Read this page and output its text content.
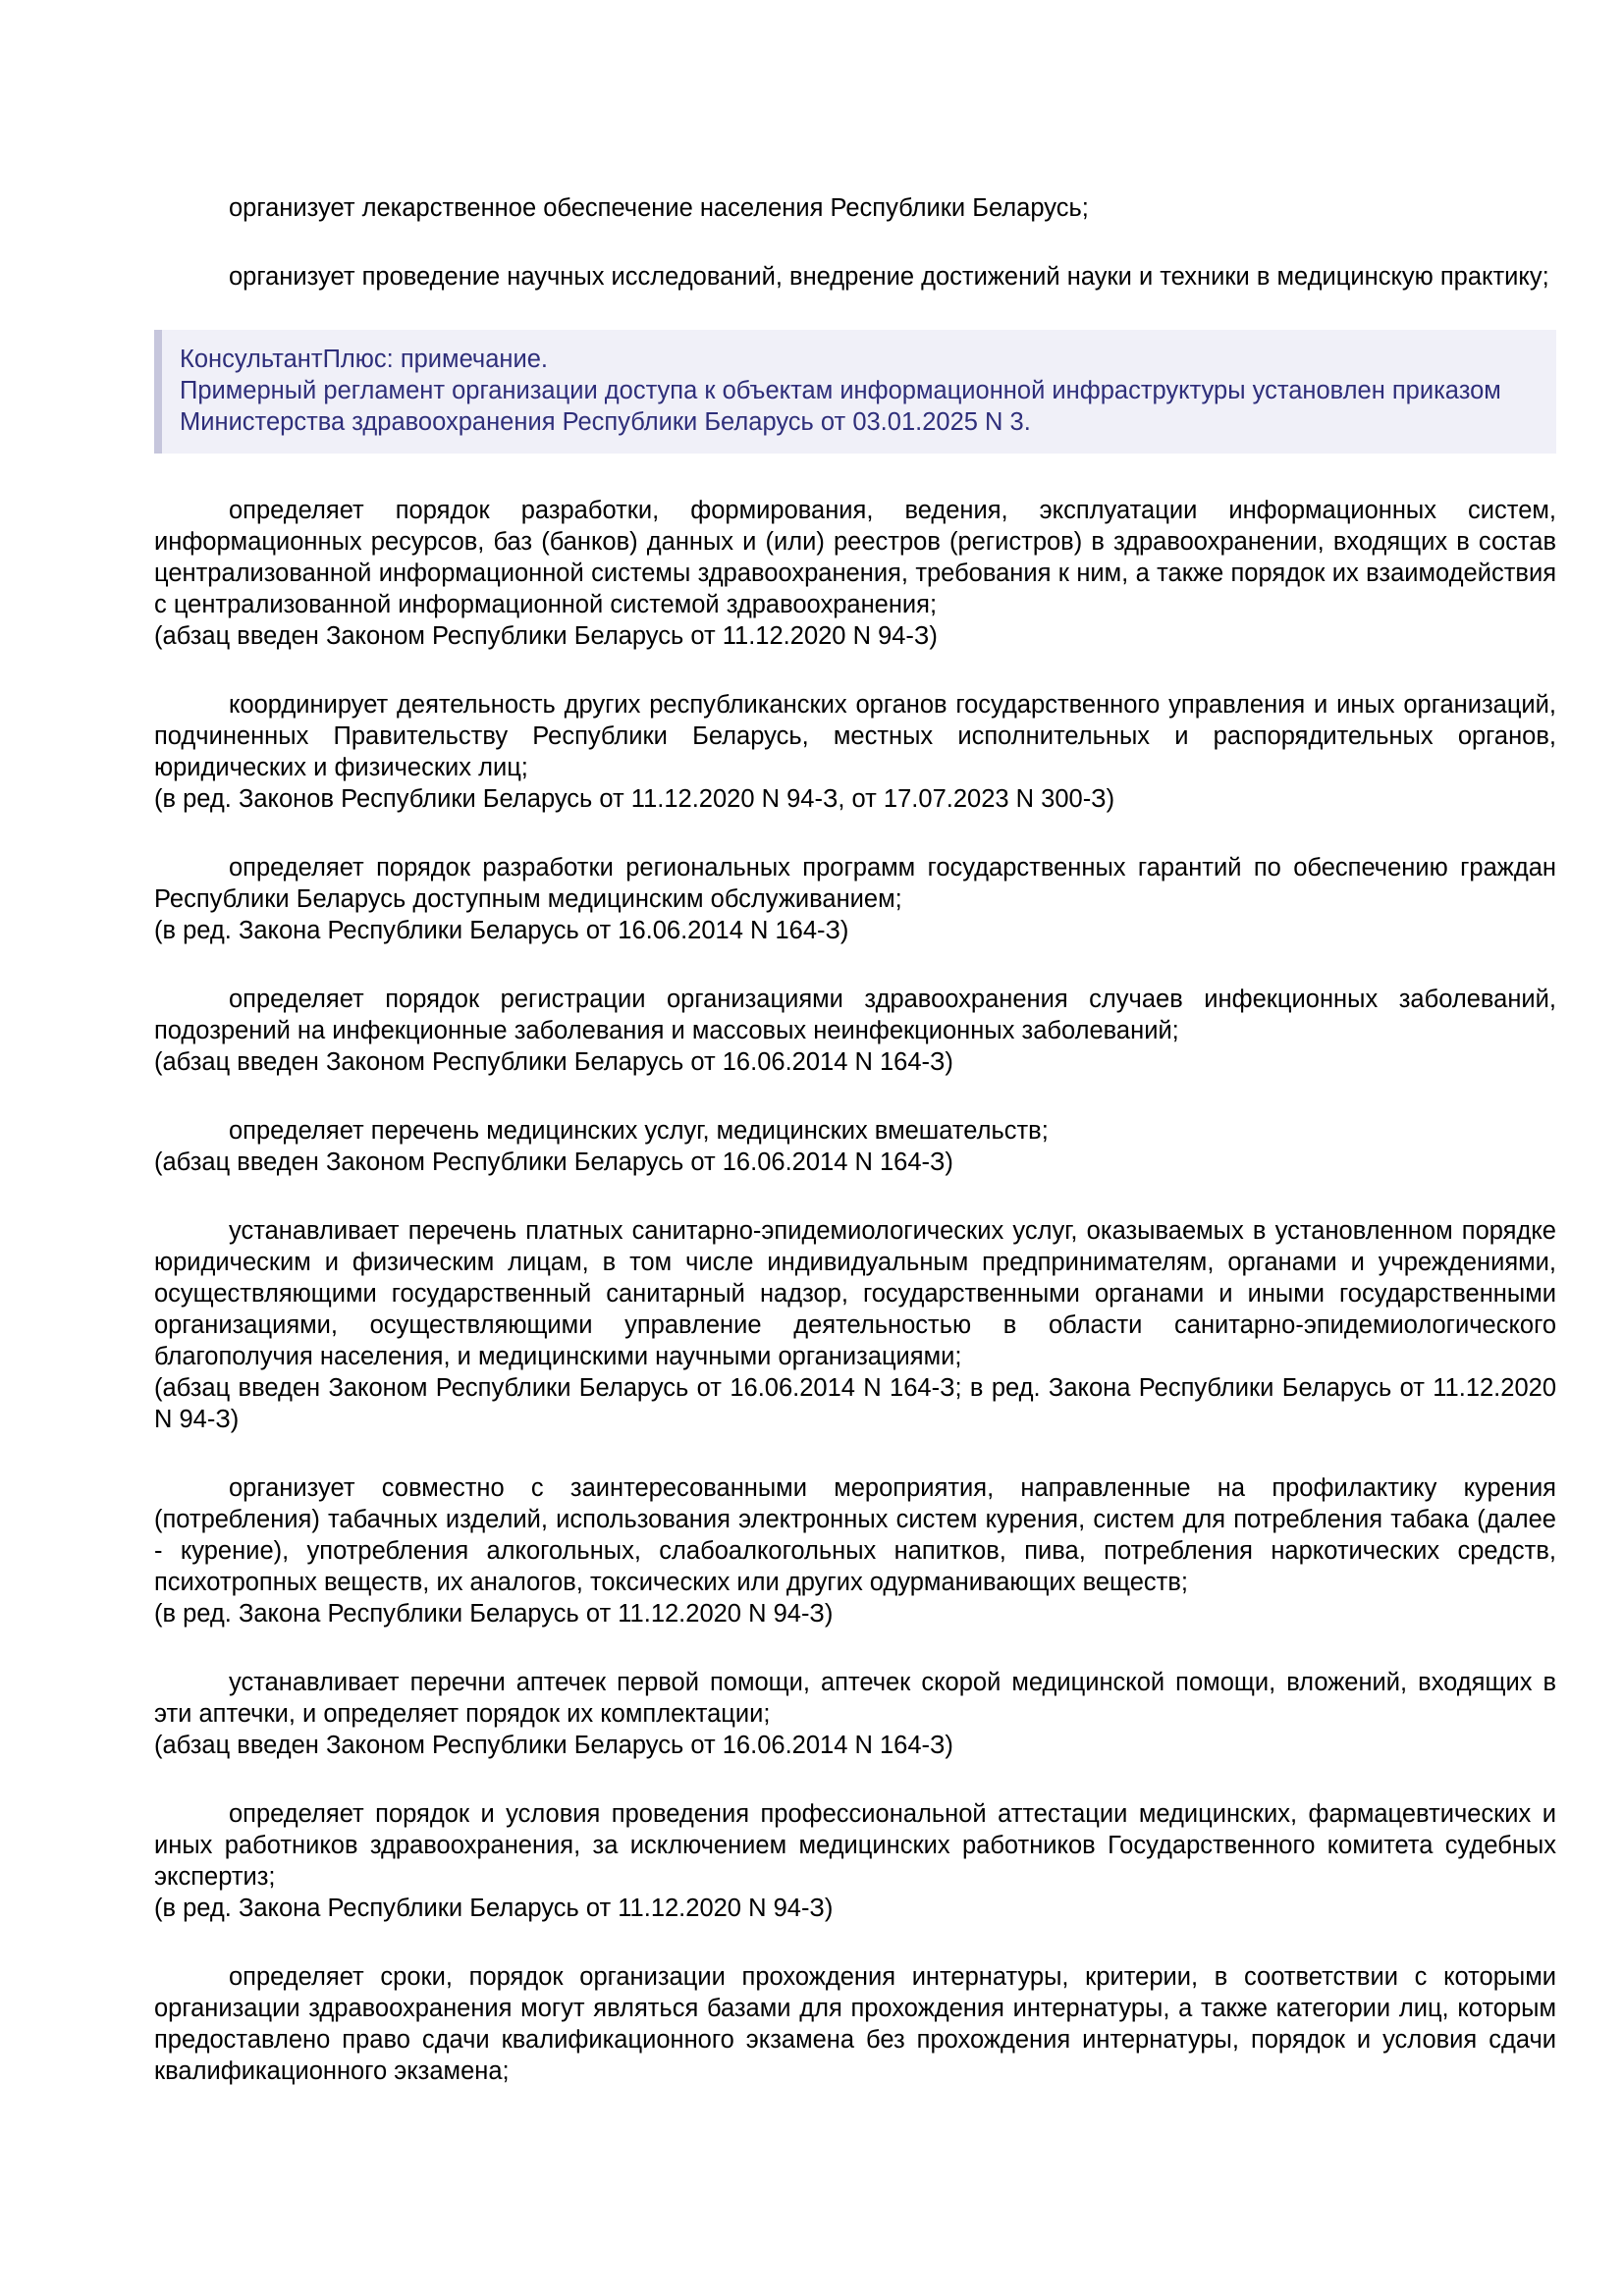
организует лекарственное обеспечение населения Республики Беларусь;

организует проведение научных исследований, внедрение достижений науки и техники в медицинскую практику;

КонсультантПлюс: примечание.

Примерный регламент организации доступа к объектам информационной инфраструктуры установлен приказом Министерства здравоохранения Республики Беларусь от 03.01.2025 N 3.

определяет порядок разработки, формирования, ведения, эксплуатации информационных систем, информационных ресурсов, баз (банков) данных и (или) реестров (регистров) в здравоохранении, входящих в состав централизованной информационной системы здравоохранения, требования к ним, а также порядок их взаимодействия с централизованной информационной системой здравоохранения;

(абзац введен Законом Республики Беларусь от 11.12.2020 N 94-З)

координирует деятельность других республиканских органов государственного управления и иных организаций, подчиненных Правительству Республики Беларусь, местных исполнительных и распорядительных органов, юридических и физических лиц;

(в ред. Законов Республики Беларусь от 11.12.2020 N 94-З, от 17.07.2023 N 300-З)

определяет порядок разработки региональных программ государственных гарантий по обеспечению граждан Республики Беларусь доступным медицинским обслуживанием;

(в ред. Закона Республики Беларусь от 16.06.2014 N 164-З)

определяет порядок регистрации организациями здравоохранения случаев инфекционных заболеваний, подозрений на инфекционные заболевания и массовых неинфекционных заболеваний;

(абзац введен Законом Республики Беларусь от 16.06.2014 N 164-З)

определяет перечень медицинских услуг, медицинских вмешательств;

(абзац введен Законом Республики Беларусь от 16.06.2014 N 164-З)

устанавливает перечень платных санитарно-эпидемиологических услуг, оказываемых в установленном порядке юридическим и физическим лицам, в том числе индивидуальным предпринимателям, органами и учреждениями, осуществляющими государственный санитарный надзор, государственными органами и иными государственными организациями, осуществляющими управление деятельностью в области санитарно-эпидемиологического благополучия населения, и медицинскими научными организациями;

(абзац введен Законом Республики Беларусь от 16.06.2014 N 164-З; в ред. Закона Республики Беларусь от 11.12.2020 N 94-З)

организует совместно с заинтересованными мероприятия, направленные на профилактику курения (потребления) табачных изделий, использования электронных систем курения, систем для потребления табака (далее - курение), употребления алкогольных, слабоалкогольных напитков, пива, потребления наркотических средств, психотропных веществ, их аналогов, токсических или других одурманивающих веществ;

(в ред. Закона Республики Беларусь от 11.12.2020 N 94-З)

устанавливает перечни аптечек первой помощи, аптечек скорой медицинской помощи, вложений, входящих в эти аптечки, и определяет порядок их комплектации;

(абзац введен Законом Республики Беларусь от 16.06.2014 N 164-З)

определяет порядок и условия проведения профессиональной аттестации медицинских, фармацевтических и иных работников здравоохранения, за исключением медицинских работников Государственного комитета судебных экспертиз;

(в ред. Закона Республики Беларусь от 11.12.2020 N 94-З)

определяет сроки, порядок организации прохождения интернатуры, критерии, в соответствии с которыми организации здравоохранения могут являться базами для прохождения интернатуры, а также категории лиц, которым предоставлено право сдачи квалификационного экзамена без прохождения интернатуры, порядок и условия сдачи квалификационного экзамена;
